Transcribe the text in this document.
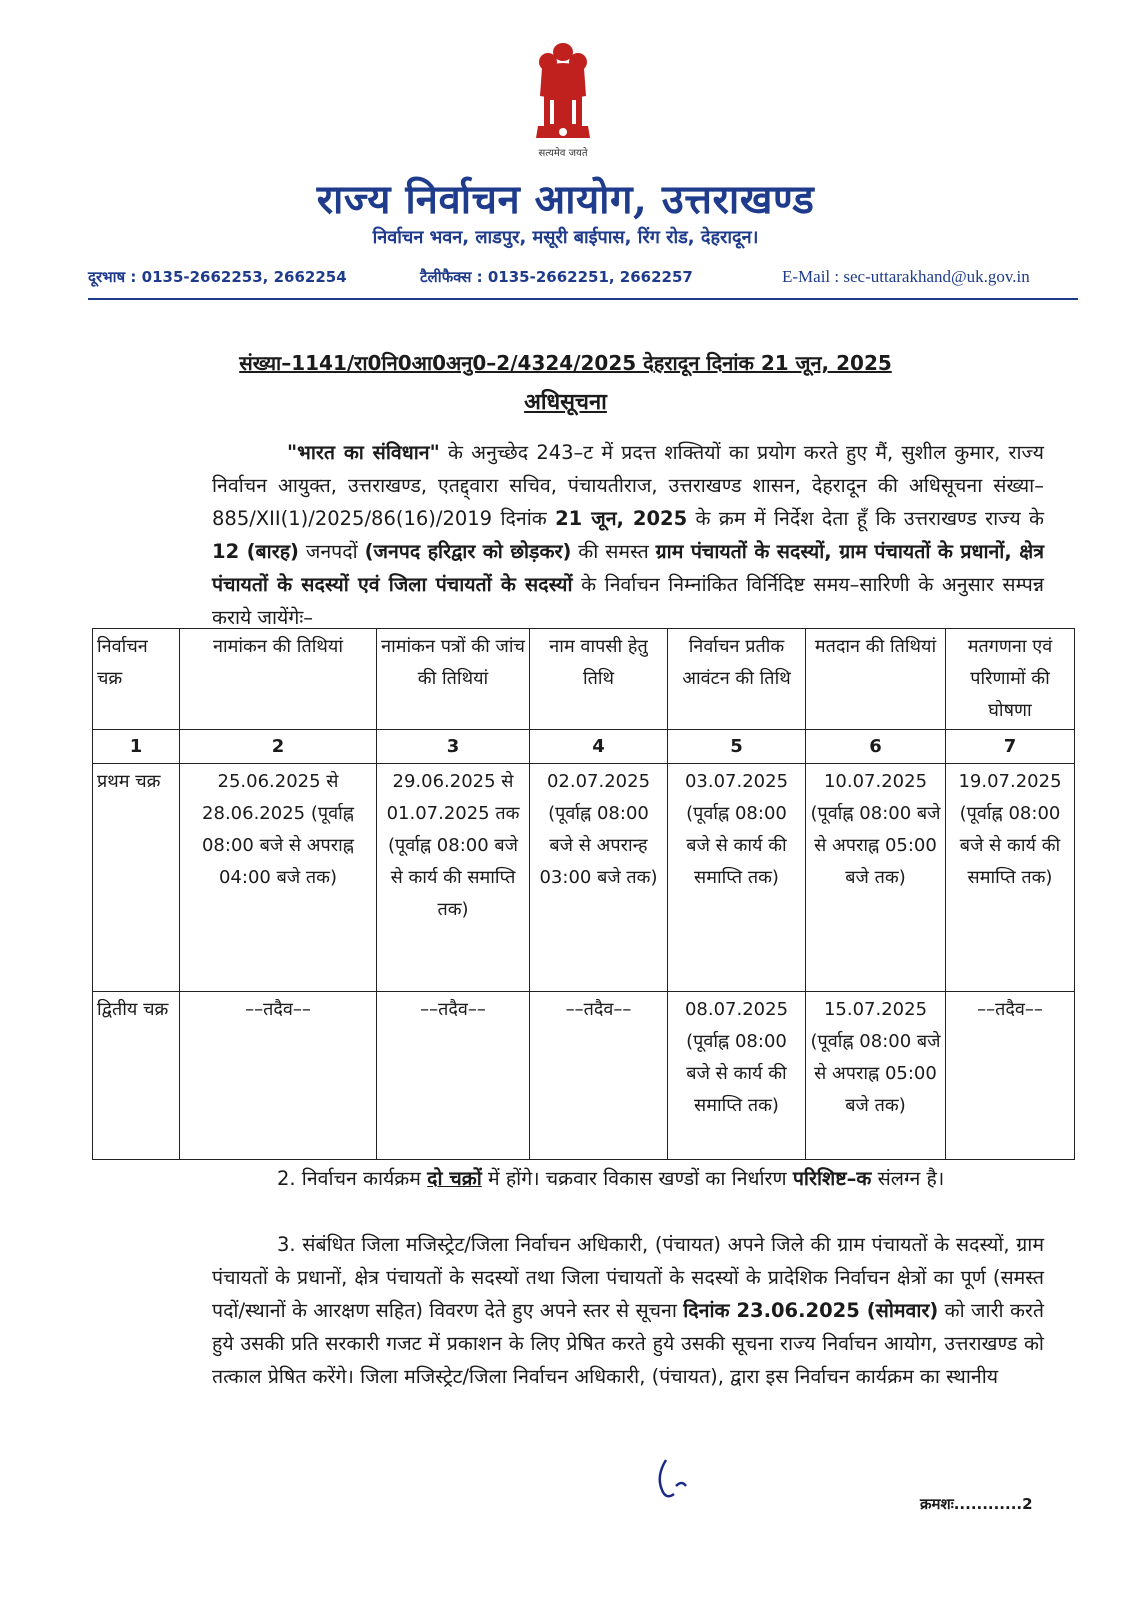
सत्यमेव जयते
राज्य निर्वाचन आयोग, उत्तराखण्ड
निर्वाचन भवन, लाडपुर, मसूरी बाईपास, रिंग रोड, देहरादून।
दूरभाष : 0135-2662253, 2662254	टैलीफैक्स : 0135-2662251, 2662257	E-Mail : sec-uttarakhand@uk.gov.in
संख्या–1141/रा0नि0आ0अनु0–2/4324/2025 देहरादून दिनांक 21 जून, 2025
अधिसूचना
"भारत का संविधान" के अनुच्छेद 243–ट में प्रदत्त शक्तियों का प्रयोग करते हुए मैं, सुशील कुमार, राज्य निर्वाचन आयुक्त, उत्तराखण्ड, एतद्द्वारा सचिव, पंचायतीराज, उत्तराखण्ड शासन, देहरादून की अधिसूचना संख्या–885/XII(1)/2025/86(16)/2019 दिनांक 21 जून, 2025 के क्रम में निर्देश देता हूँ कि उत्तराखण्ड राज्य के 12 (बारह) जनपदों (जनपद हरिद्वार को छोड़कर) की समस्त ग्राम पंचायतों के सदस्यों, ग्राम पंचायतों के प्रधानों, क्षेत्र पंचायतों के सदस्यों एवं जिला पंचायतों के सदस्यों के निर्वाचन निम्नांकित विर्निदिष्ट समय–सारिणी के अनुसार सम्पन्न कराये जायेंगेः–
निर्वाचन चक्र	नामांकन की तिथियां	नामांकन पत्रों की जांच की तिथियां	नाम वापसी हेतु तिथि	निर्वाचन प्रतीक आवंटन की तिथि	मतदान की तिथियां	मतगणना एवं परिणामों की घोषणा
1	2	3	4	5	6	7
प्रथम चक्र	25.06.2025 से 28.06.2025 (पूर्वाह्न 08:00 बजे से अपराह्न 04:00 बजे तक)	29.06.2025 से 01.07.2025 तक (पूर्वाह्न 08:00 बजे से कार्य की समाप्ति तक)	02.07.2025 (पूर्वाह्न 08:00 बजे से अपरान्ह 03:00 बजे तक)	03.07.2025 (पूर्वाह्न 08:00 बजे से कार्य की समाप्ति तक)	10.07.2025 (पूर्वाह्न 08:00 बजे से अपराह्न 05:00 बजे तक)	19.07.2025 (पूर्वाह्न 08:00 बजे से कार्य की समाप्ति तक)
द्वितीय चक्र	––तदैव––	––तदैव––	––तदैव––	08.07.2025 (पूर्वाह्न 08:00 बजे से कार्य की समाप्ति तक)	15.07.2025 (पूर्वाह्न 08:00 बजे से अपराह्न 05:00 बजे तक)	––तदैव––
2. निर्वाचन कार्यक्रम दो चक्रों में होंगे। चक्रवार विकास खण्डों का निर्धारण परिशिष्ट–क संलग्न है।
3. संबंधित जिला मजिस्ट्रेट/जिला निर्वाचन अधिकारी, (पंचायत) अपने जिले की ग्राम पंचायतों के सदस्यों, ग्राम पंचायतों के प्रधानों, क्षेत्र पंचायतों के सदस्यों तथा जिला पंचायतों के सदस्यों के प्रादेशिक निर्वाचन क्षेत्रों का पूर्ण (समस्त पदों/स्थानों के आरक्षण सहित) विवरण देते हुए अपने स्तर से सूचना दिनांक 23.06.2025 (सोमवार) को जारी करते हुये उसकी प्रति सरकारी गजट में प्रकाशन के लिए प्रेषित करते हुये उसकी सूचना राज्य निर्वाचन आयोग, उत्तराखण्ड को तत्काल प्रेषित करेंगे। जिला मजिस्ट्रेट/जिला निर्वाचन अधिकारी, (पंचायत), द्वारा इस निर्वाचन कार्यक्रम का स्थानीय
क्रमशः............2
